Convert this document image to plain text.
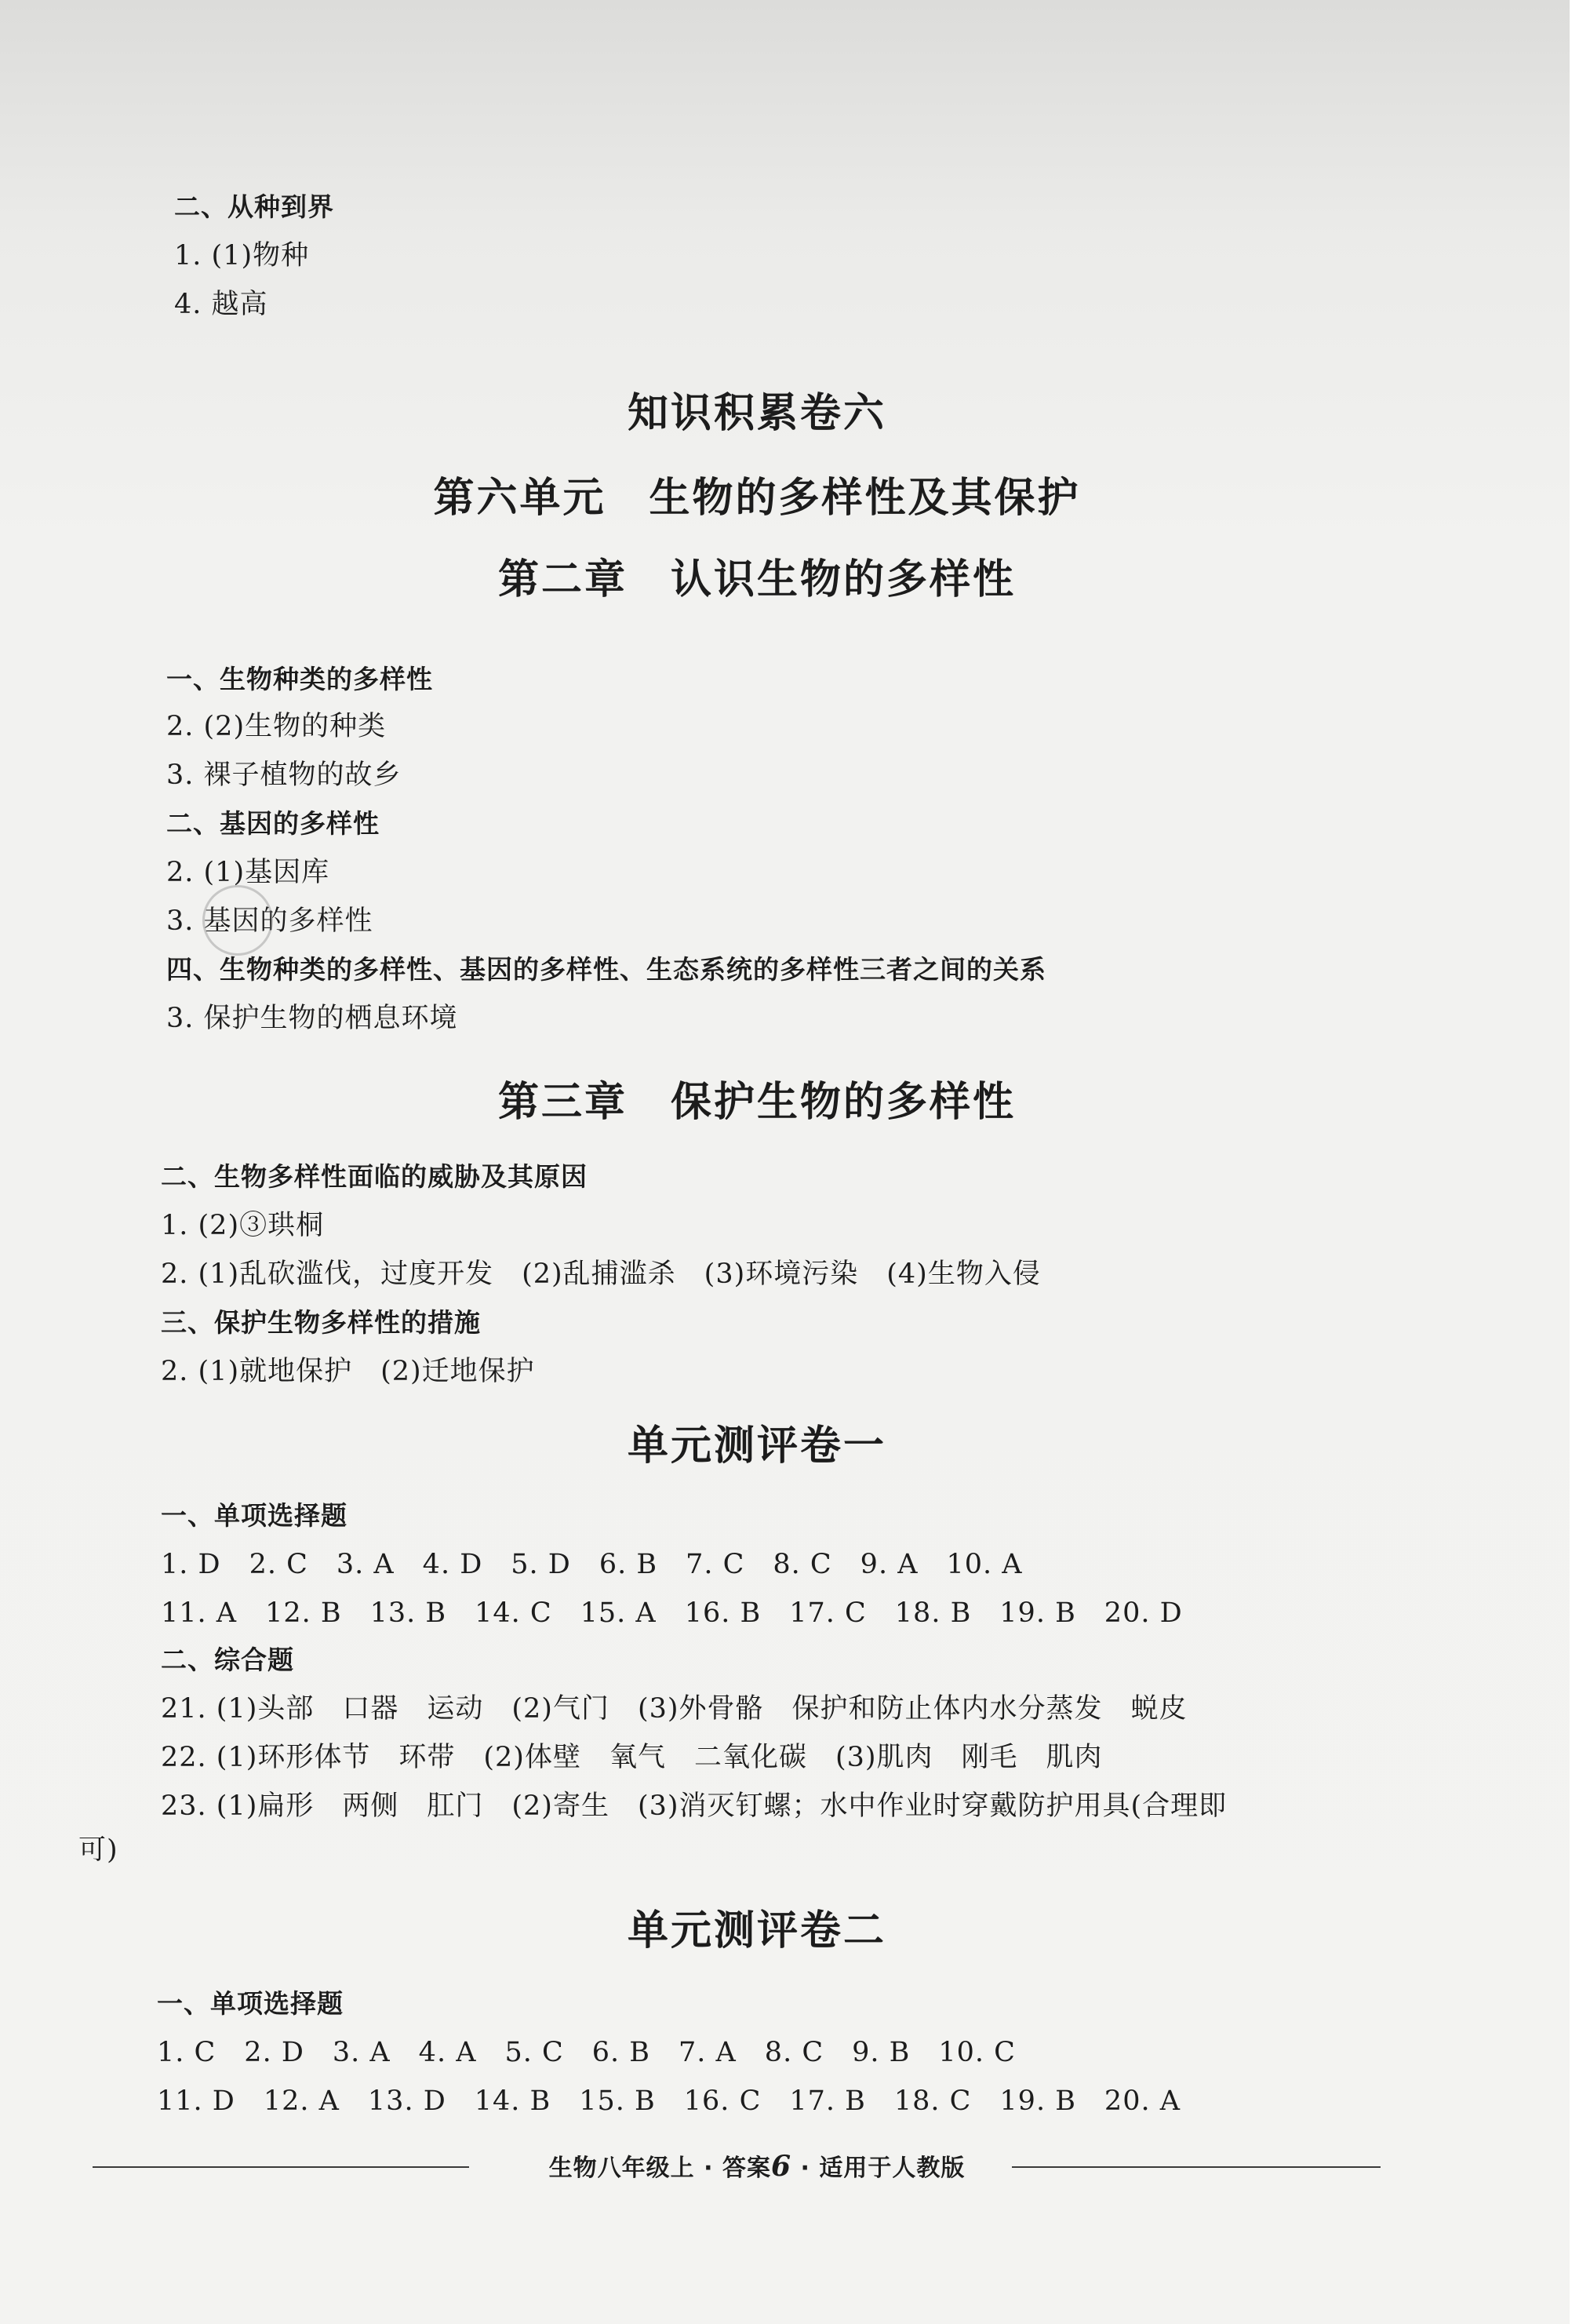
二、从种到界
1. (1)物种
4. 越高
知识积累卷六
第六单元　生物的多样性及其保护
第二章　认识生物的多样性
一、生物种类的多样性
2. (2)生物的种类
3. 裸子植物的故乡
二、基因的多样性
2. (1)基因库
3. 基因的多样性
四、生物种类的多样性、基因的多样性、生态系统的多样性三者之间的关系
3. 保护生物的栖息环境
第三章　保护生物的多样性
二、生物多样性面临的威胁及其原因
1. (2)③珙桐
2. (1)乱砍滥伐，过度开发　(2)乱捕滥杀　(3)环境污染　(4)生物入侵
三、保护生物多样性的措施
2. (1)就地保护　(2)迁地保护
单元测评卷一
一、单项选择题
1. D　2. C　3. A　4. D　5. D　6. B　7. C　8. C　9. A　10. A
11. A　12. B　13. B　14. C　15. A　16. B　17. C　18. B　19. B　20. D
二、综合题
21. (1)头部　口器　运动　(2)气门　(3)外骨骼　保护和防止体内水分蒸发　蜕皮
22. (1)环形体节　环带　(2)体壁　氧气　二氧化碳　(3)肌肉　刚毛　肌肉
23. (1)扁形　两侧　肛门　(2)寄生　(3)消灭钉螺；水中作业时穿戴防护用具(合理即
可)
单元测评卷二
一、单项选择题
1. C　2. D　3. A　4. A　5. C　6. B　7. A　8. C　9. B　10. C
11. D　12. A　13. D　14. B　15. B　16. C　17. B　18. C　19. B　20. A
生物八年级上 · 答案6 · 适用于人教版
